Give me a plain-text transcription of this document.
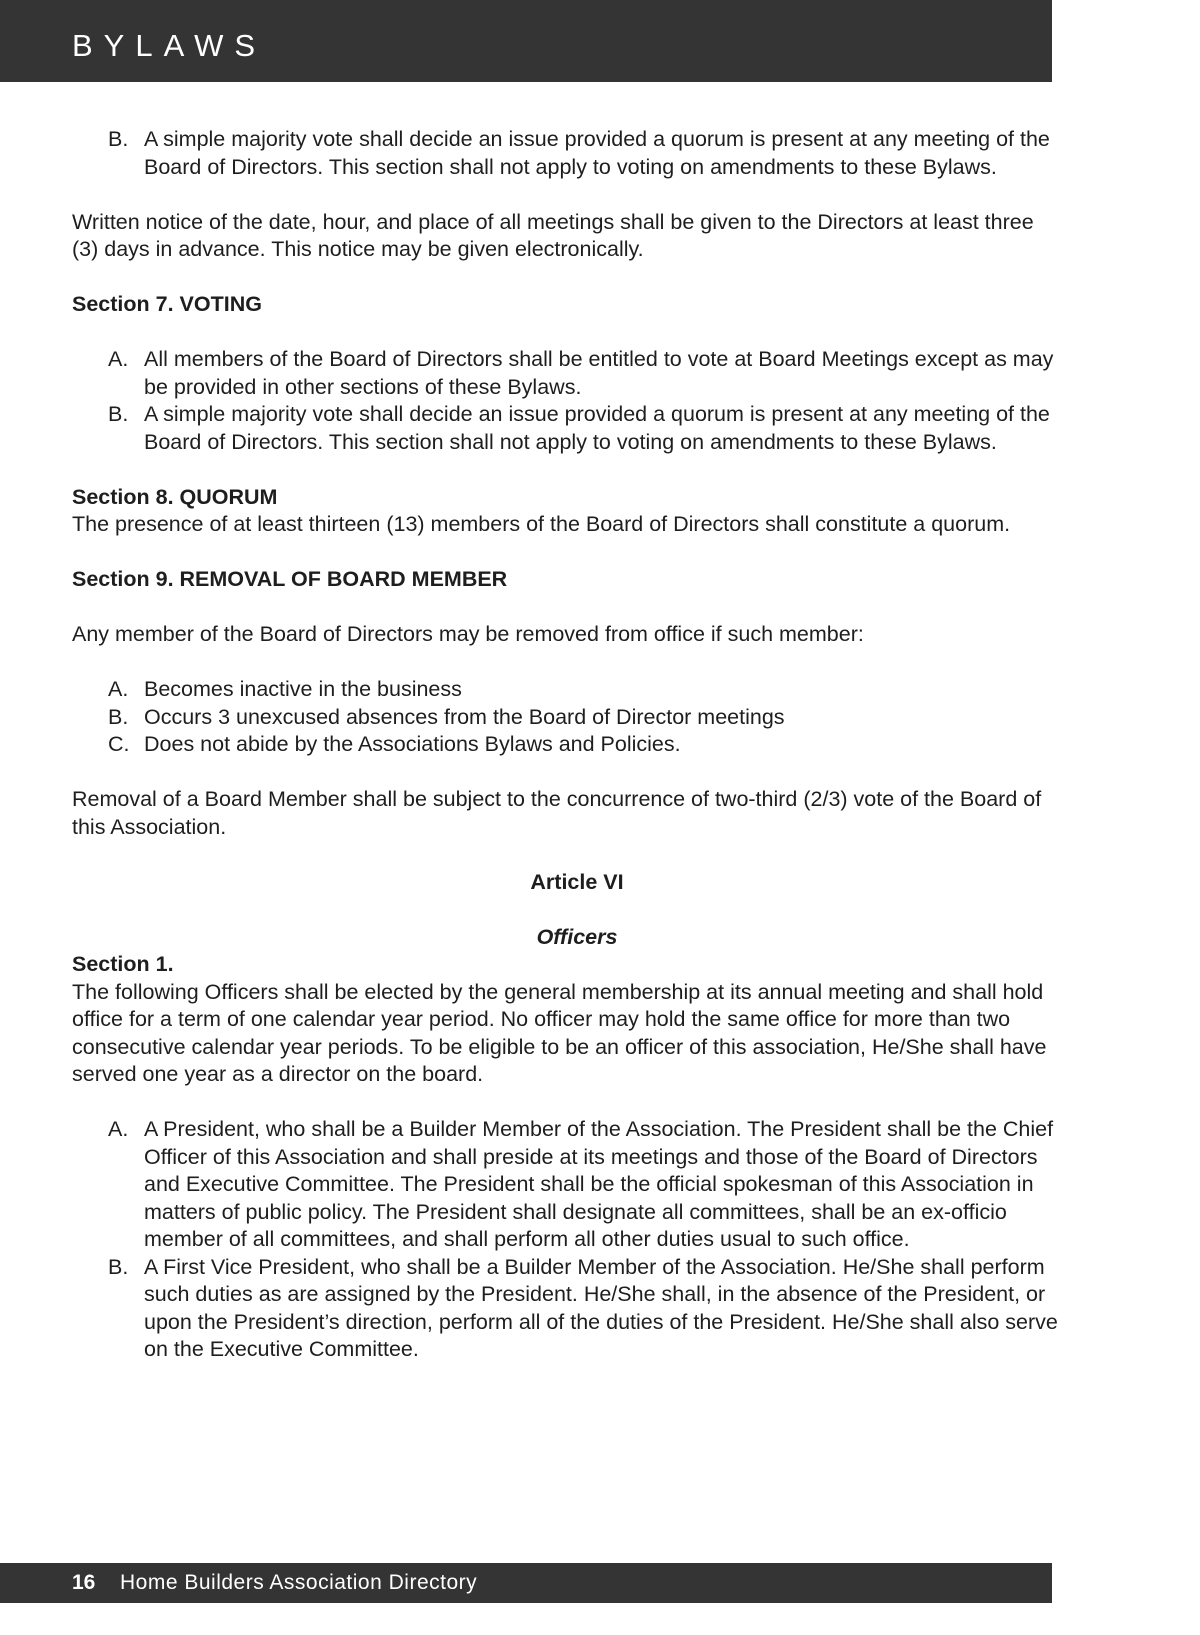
BYLAWS
B. A simple majority vote shall decide an issue provided a quorum is present at any meeting of the Board of Directors. This section shall not apply to voting on amendments to these Bylaws.

Written notice of the date, hour, and place of all meetings shall be given to the Directors at least three (3) days in advance. This notice may be given electronically.

Section 7. VOTING

A. All members of the Board of Directors shall be entitled to vote at Board Meetings except as may be provided in other sections of these Bylaws.
B. A simple majority vote shall decide an issue provided a quorum is present at any meeting of the Board of Directors. This section shall not apply to voting on amendments to these Bylaws.

Section 8. QUORUM

The presence of at least thirteen (13) members of the Board of Directors shall constitute a quorum.

Section 9. REMOVAL OF BOARD MEMBER

Any member of the Board of Directors may be removed from office if such member:

A. Becomes inactive in the business
B. Occurs 3 unexcused absences from the Board of Director meetings
C. Does not abide by the Associations Bylaws and Policies.

Removal of a Board Member shall be subject to the concurrence of two-third (2/3) vote of the Board of this Association.

Article VI

Officers

Section 1.

The following Officers shall be elected by the general membership at its annual meeting and shall hold office for a term of one calendar year period. No officer may hold the same office for more than two consecutive calendar year periods. To be eligible to be an officer of this association, He/She shall have served one year as a director on the board.

A. A President, who shall be a Builder Member of the Association. The President shall be the Chief Officer of this Association and shall preside at its meetings and those of the Board of Directors and Executive Committee. The President shall be the official spokesman of this Association in matters of public policy. The President shall designate all committees, shall be an ex-officio member of all committees, and shall perform all other duties usual to such office.
B. A First Vice President, who shall be a Builder Member of the Association. He/She shall perform such duties as are assigned by the President. He/She shall, in the absence of the President, or upon the President’s direction, perform all of the duties of the President. He/She shall also serve on the Executive Committee.
16 Home Builders Association Directory
